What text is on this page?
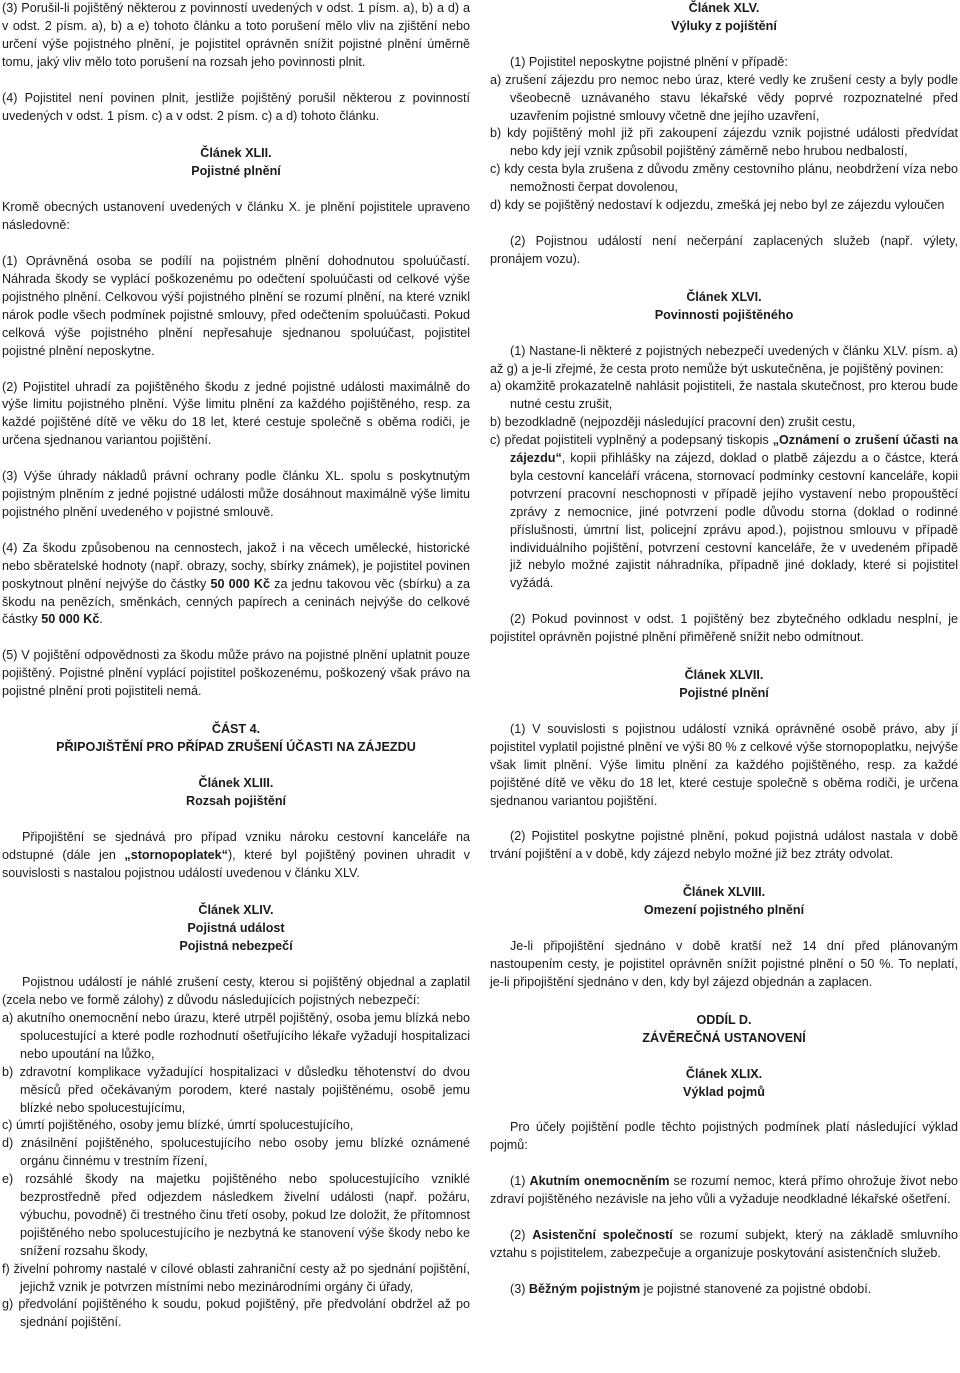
(3) Porušil-li pojištěný některou z povinností uvedených v odst. 1 písm. a), b) a d) a v odst. 2 písm. a), b) a e) tohoto článku a toto porušení mělo vliv na zjištění nebo určení výše pojistného plnění, je pojistitel oprávněn snížit pojistné plnění úměrně tomu, jaký vliv mělo toto porušení na rozsah jeho povinnosti plnit.

(4) Pojistitel není povinen plnit, jestliže pojištěný porušil některou z povinností uvedených v odst. 1 písm. c) a v odst. 2 písm. c) a d) tohoto článku.

Článek XLII.

Pojistné plnění

Kromě obecných ustanovení uvedených v článku X. je plnění pojistitele upraveno následovně:

(1) Oprávněná osoba se podílí na pojistném plnění dohodnutou spoluúčastí. Náhrada škody se vyplácí poškozenému po odečtení spoluúčasti od celkové výše pojistného plnění. Celkovou výší pojistného plnění se rozumí plnění, na které vznikl nárok podle všech podmínek pojistné smlouvy, před odečtením spoluúčasti. Pokud celková výše pojistného plnění nepřesahuje sjednanou spoluúčast, pojistitel pojistné plnění neposkytne.

(2) Pojistitel uhradí za pojištěného škodu z jedné pojistné události maximálně do výše limitu pojistného plnění. Výše limitu plnění za každého pojištěného, resp. za každé pojištěné dítě ve věku do 18 let, které cestuje společně s oběma rodiči, je určena sjednanou variantou pojištění.

(3) Výše úhrady nákladů právní ochrany podle článku XL. spolu s poskytnutým pojistným plněním z jedné pojistné události může dosáhnout maximálně výše limitu pojistného plnění uvedeného v pojistné smlouvě.

(4) Za škodu způsobenou na cennostech, jakož i na věcech umělecké, historické nebo sběratelské hodnoty (např. obrazy, sochy, sbírky známek), je pojistitel povinen poskytnout plnění nejvýše do částky 50 000 Kč za jednu takovou věc (sbírku) a za škodu na penězích, směnkách, cenných papírech a ceninách nejvýše do celkové částky 50 000 Kč.

(5) V pojištění odpovědnosti za škodu může právo na pojistné plnění uplatnit pouze pojištěný. Pojistné plnění vyplácí pojistitel poškozenému, poškozený však právo na pojistné plnění proti pojistiteli nemá.

ČÁST 4.

PŘIPOJIŠTĚNÍ PRO PŘÍPAD ZRUŠENÍ ÚČASTI NA ZÁJEZDU

Článek XLIII.

Rozsah pojištění

Připojištění se sjednává pro případ vzniku nároku cestovní kanceláře na odstupné (dále jen „stornopoplatek“), které byl pojištěný povinen uhradit v souvislosti s nastalou pojistnou událostí uvedenou v článku XLV.

Článek XLIV.

Pojistná událost

Pojistná nebezpečí

Pojistnou událostí je náhlé zrušení cesty, kterou si pojištěný objednal a zaplatil (zcela nebo ve formě zálohy) z důvodu následujících pojistných nebezpečí:

a) akutního onemocnění nebo úrazu, které utrpěl pojištěný, osoba jemu blízká nebo spolucestující a které podle rozhodnutí ošetřujícího lékaře vyžadují hospitalizaci nebo upoutání na lůžko,

b) zdravotní komplikace vyžadující hospitalizaci v důsledku těhotenství do dvou měsíců před očekávaným porodem, které nastaly pojištěnému, osobě jemu blízké nebo spolucestujícímu,

c) úmrtí pojištěného, osoby jemu blízké, úmrtí spolucestujícího,

d) znásilnění pojištěného, spolucestujícího nebo osoby jemu blízké oznámené orgánu činnému v trestním řízení,

e) rozsáhlé škody na majetku pojištěného nebo spolucestujícího vzniklé bezprostředně před odjezdem následkem živelní události (např. požáru, výbuchu, povodně) či trestného činu třetí osoby, pokud lze doložit, že přítomnost pojištěného nebo spolucestujícího je nezbytná ke stanovení výše škody nebo ke snížení rozsahu škody,

f) živelní pohromy nastalé v cílové oblasti zahraniční cesty až po sjednání pojištění, jejichž vznik je potvrzen místními nebo mezinárodními orgány či úřady,

g) předvolání pojištěného k soudu, pokud pojištěný, pře předvolání obdržel až po sjednání pojištění.

Článek XLV.

Výluky z pojištění

(1) Pojistitel neposkytne pojistné plnění v případě:

a) zrušení zájezdu pro nemoc nebo úraz, které vedly ke zrušení cesty a byly podle všeobecně uznávaného stavu lékařské vědy poprvé rozpoznatelné před uzavřením pojistné smlouvy včetně dne jejího uzavření,

b) kdy pojištěný mohl již při zakoupení zájezdu vznik pojistné události předvídat nebo kdy její vznik způsobil pojištěný záměrně nebo hrubou nedbalostí,

c) kdy cesta byla zrušena z důvodu změny cestovního plánu, neobdržení víza nebo nemožnosti čerpat dovolenou,

d) kdy se pojištěný nedostaví k odjezdu, zmešká jej nebo byl ze zájezdu vyloučen

(2) Pojistnou událostí není nečerpání zaplacených služeb (např. výlety, pronájem vozu).

Článek XLVI.

Povinnosti pojištěného

(1) Nastane-li některé z pojistných nebezpečí uvedených v článku XLV. písm. a) až g) a je-li zřejmé, že cesta proto nemůže být uskutečněna, je pojištěný povinen:

a) okamžitě prokazatelně nahlásit pojistiteli, že nastala skutečnost, pro kterou bude nutné cestu zrušit,

b) bezodkladně (nejpozději následující pracovní den) zrušit cestu,

c) předat pojistiteli vyplněný a podepsaný tiskopis „Oznámení o zrušení účasti na zájezdu“, kopii přihlášky na zájezd, doklad o platbě zájezdu a o částce, která byla cestovní kanceláří vrácena, stornovací podmínky cestovní kanceláře, kopii potvrzení pracovní neschopnosti v případě jejího vystavení nebo propouštěcí zprávy z nemocnice, jiné potvrzení podle důvodu storna (doklad o rodinné příslušnosti, úmrtní list, policejní zprávu apod.), pojistnou smlouvu v případě individuálního pojištění, potvrzení cestovní kanceláře, že v uvedeném případě již nebylo možné zajistit náhradníka, případně jiné doklady, které si pojistitel vyžádá.

(2) Pokud povinnost v odst. 1 pojištěný bez zbytečného odkladu nesplní, je pojistitel oprávněn pojistné plnění přiměřeně snížit nebo odmítnout.

Článek XLVII.

Pojistné plnění

(1) V souvislosti s pojistnou událostí vzniká oprávněné osobě právo, aby jí pojistitel vyplatil pojistné plnění ve výši 80 % z celkové výše stornopoplatku, nejvýše však limit plnění. Výše limitu plnění za každého pojištěného, resp. za každé pojištěné dítě ve věku do 18 let, které cestuje společně s oběma rodiči, je určena sjednanou variantou pojištění.

(2) Pojistitel poskytne pojistné plnění, pokud pojistná událost nastala v době trvání pojištění a v době, kdy zájezd nebylo možné již bez ztráty odvolat.

Článek XLVIII.

Omezení pojistného plnění

Je-li připojištění sjednáno v době kratší než 14 dní před plánovaným nastoupením cesty, je pojistitel oprávněn snížit pojistné plnění o 50 %. To neplatí, je-li připojištění sjednáno v den, kdy byl zájezd objednán a zaplacen.

ODDÍL D.

ZÁVĚREČNÁ USTANOVENÍ

Článek XLIX.

Výklad pojmů

Pro účely pojištění podle těchto pojistných podmínek platí následující výklad pojmů:

(1) Akutním onemocněním se rozumí nemoc, která přímo ohrožuje život nebo zdraví pojištěného nezávisle na jeho vůli a vyžaduje neodkladné lékařské ošetření.

(2) Asistenční společností se rozumí subjekt, který na základě smluvního vztahu s pojistitelem, zabezpečuje a organizuje poskytování asistenčních služeb.

(3) Běžným pojistným je pojistné stanovené za pojistné období.
